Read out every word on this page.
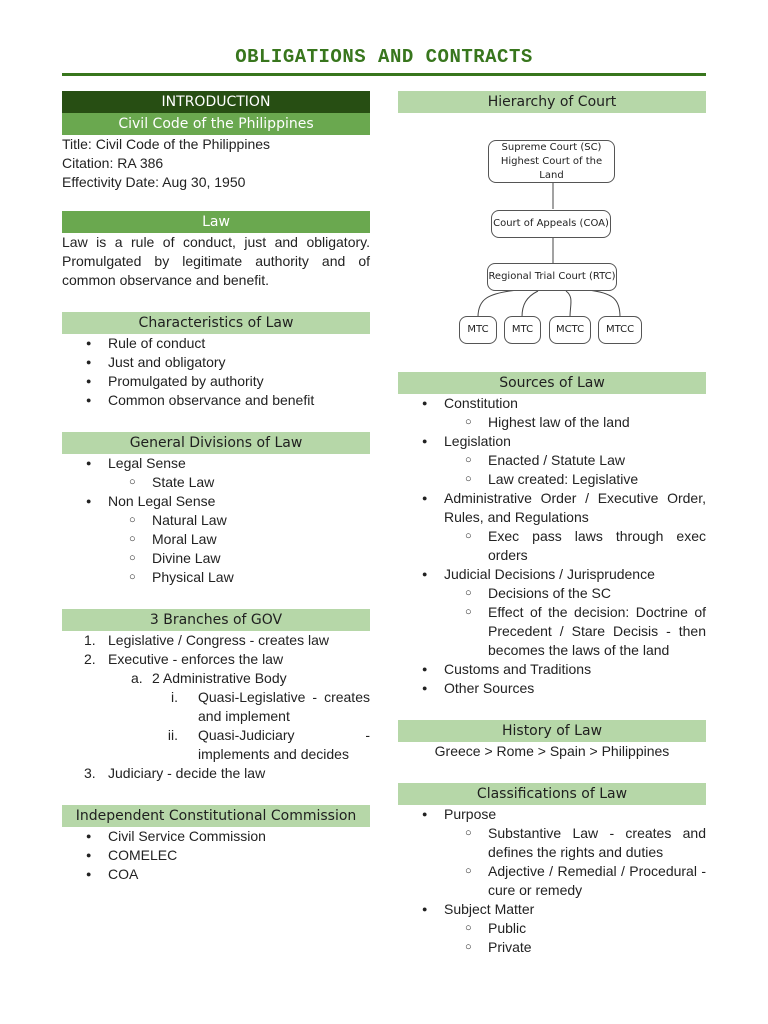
OBLIGATIONS AND CONTRACTS
INTRODUCTION
Civil Code of the Philippines
Title: Civil Code of the Philippines
Citation: RA 386
Effectivity Date: Aug 30, 1950
Law
Law is a rule of conduct, just and obligatory. Promulgated by legitimate authority and of common observance and benefit.
Characteristics of Law
● Rule of conduct
● Just and obligatory
● Promulgated by authority
● Common observance and benefit
General Divisions of Law
● Legal Sense
○ State Law
● Non Legal Sense
○ Natural Law
○ Moral Law
○ Divine Law
○ Physical Law
3 Branches of GOV
1. Legislative / Congress - creates law
2. Executive - enforces the law
a. 2 Administrative Body
i. Quasi-Legislative - creates and implement
ii. Quasi-Judiciary - implements and decides
3. Judiciary - decide the law
Independent Constitutional Commission
● Civil Service Commission
● COMELEC
● COA
Hierarchy of Court
Supreme Court (SC)
Highest Court of the Land
Court of Appeals (COA)
Regional Trial Court (RTC)
MTC	MTC	MCTC	MTCC
Sources of Law
● Constitution
○ Highest law of the land
● Legislation
○ Enacted / Statute Law
○ Law created: Legislative
● Administrative Order / Executive Order, Rules, and Regulations
○ Exec pass laws through exec orders
● Judicial Decisions / Jurisprudence
○ Decisions of the SC
○ Effect of the decision: Doctrine of Precedent / Stare Decisis - then becomes the laws of the land
● Customs and Traditions
● Other Sources
History of Law
Greece > Rome > Spain > Philippines
Classifications of Law
● Purpose
○ Substantive Law - creates and defines the rights and duties
○ Adjective / Remedial / Procedural - cure or remedy
● Subject Matter
○ Public
○ Private
